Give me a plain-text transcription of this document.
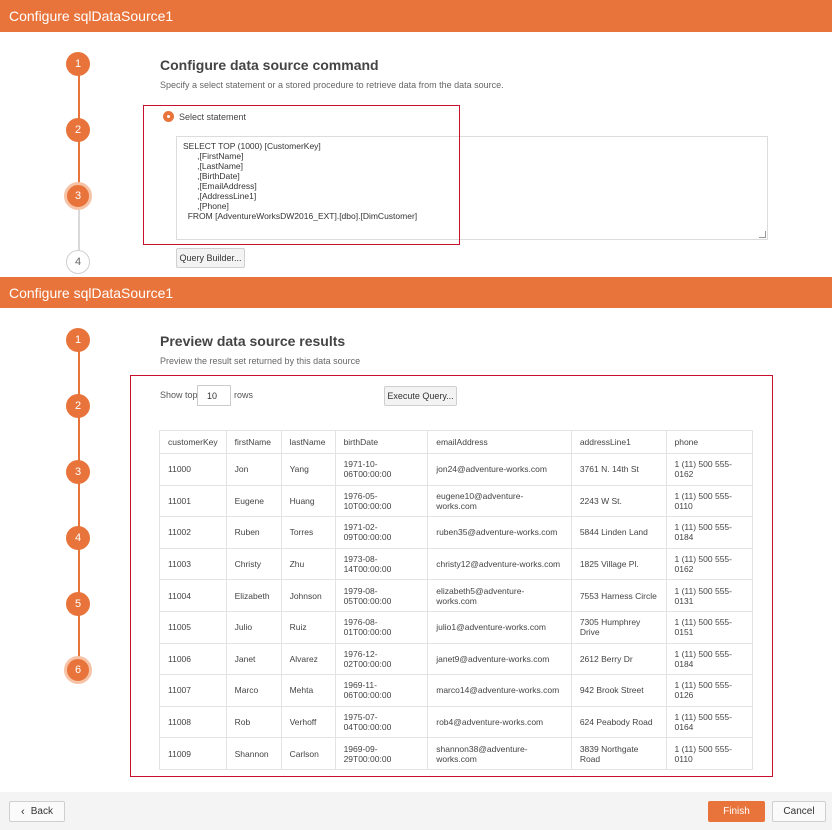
Configure sqlDataSource1
1
2
3
4
Configure data source command
Specify a select statement or a stored procedure to retrieve data from the data source.
Select statement
SELECT TOP (1000) [CustomerKey]
,[FirstName]
,[LastName]
,[BirthDate]
,[EmailAddress]
,[AddressLine1]
,[Phone]
FROM [AdventureWorksDW2016_EXT].[dbo].[DimCustomer]
Query Builder...
Configure sqlDataSource1
1
2
3
4
5
6
Preview data source results
Preview the result set returned by this data source
Show top	10	rows	Execute Query...
customerKey	firstName	lastName	birthDate	emailAddress	addressLine1	phone
11000	Jon	Yang	1971-10-06T00:00:00	jon24@adventure-works.com	3761 N. 14th St	1 (11) 500 555-0162
11001	Eugene	Huang	1976-05-10T00:00:00	eugene10@adventure-works.com	2243 W St.	1 (11) 500 555-0110
11002	Ruben	Torres	1971-02-09T00:00:00	ruben35@adventure-works.com	5844 Linden Land	1 (11) 500 555-0184
11003	Christy	Zhu	1973-08-14T00:00:00	christy12@adventure-works.com	1825 Village Pl.	1 (11) 500 555-0162
11004	Elizabeth	Johnson	1979-08-05T00:00:00	elizabeth5@adventure-works.com	7553 Harness Circle	1 (11) 500 555-0131
11005	Julio	Ruiz	1976-08-01T00:00:00	julio1@adventure-works.com	7305 Humphrey Drive	1 (11) 500 555-0151
11006	Janet	Alvarez	1976-12-02T00:00:00	janet9@adventure-works.com	2612 Berry Dr	1 (11) 500 555-0184
11007	Marco	Mehta	1969-11-06T00:00:00	marco14@adventure-works.com	942 Brook Street	1 (11) 500 555-0126
11008	Rob	Verhoff	1975-07-04T00:00:00	rob4@adventure-works.com	624 Peabody Road	1 (11) 500 555-0164
11009	Shannon	Carlson	1969-09-29T00:00:00	shannon38@adventure-works.com	3839 Northgate Road	1 (11) 500 555-0110
‹ Back	Finish	Cancel
